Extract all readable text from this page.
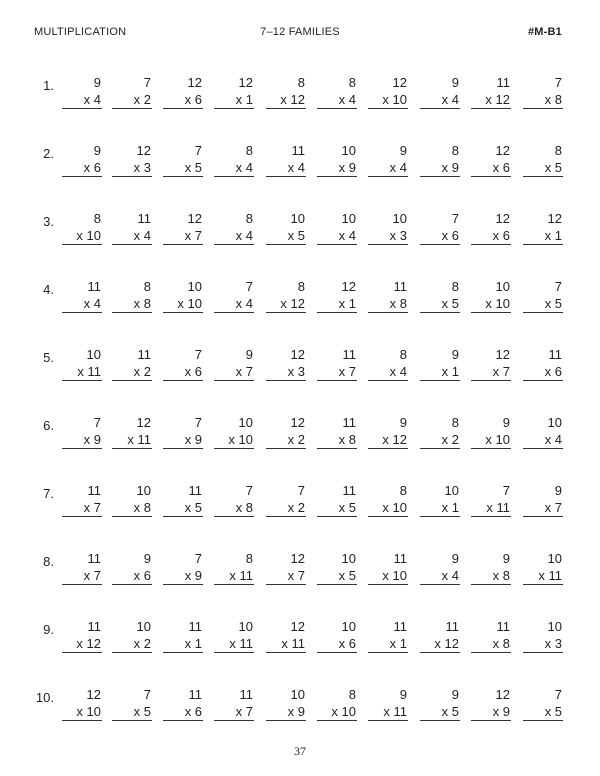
MULTIPLICATION	7–12 FAMILIES	#M-B1
1.	9
x 4
7
x 2
12
x 6
12
x 1
8
x 12
8
x 4
12
x 10
9
x 4
11
x 12
7
x 8
2.	9
x 6
12
x 3
7
x 5
8
x 4
11
x 4
10
x 9
9
x 4
8
x 9
12
x 6
8
x 5
3.	8
x 10
11
x 4
12
x 7
8
x 4
10
x 5
10
x 4
10
x 3
7
x 6
12
x 6
12
x 1
4.	11
x 4
8
x 8
10
x 10
7
x 4
8
x 12
12
x 1
11
x 8
8
x 5
10
x 10
7
x 5
5.	10
x 11
11
x 2
7
x 6
9
x 7
12
x 3
11
x 7
8
x 4
9
x 1
12
x 7
11
x 6
6.	7
x 9
12
x 11
7
x 9
10
x 10
12
x 2
11
x 8
9
x 12
8
x 2
9
x 10
10
x 4
7.	11
x 7
10
x 8
11
x 5
7
x 8
7
x 2
11
x 5
8
x 10
10
x 1
7
x 11
9
x 7
8.	11
x 7
9
x 6
7
x 9
8
x 11
12
x 7
10
x 5
11
x 10
9
x 4
9
x 8
10
x 11
9.	11
x 12
10
x 2
11
x 1
10
x 11
12
x 11
10
x 6
11
x 1
11
x 12
11
x 8
10
x 3
10.	12
x 10
7
x 5
11
x 6
11
x 7
10
x 9
8
x 10
9
x 11
9
x 5
12
x 9
7
x 5
37
